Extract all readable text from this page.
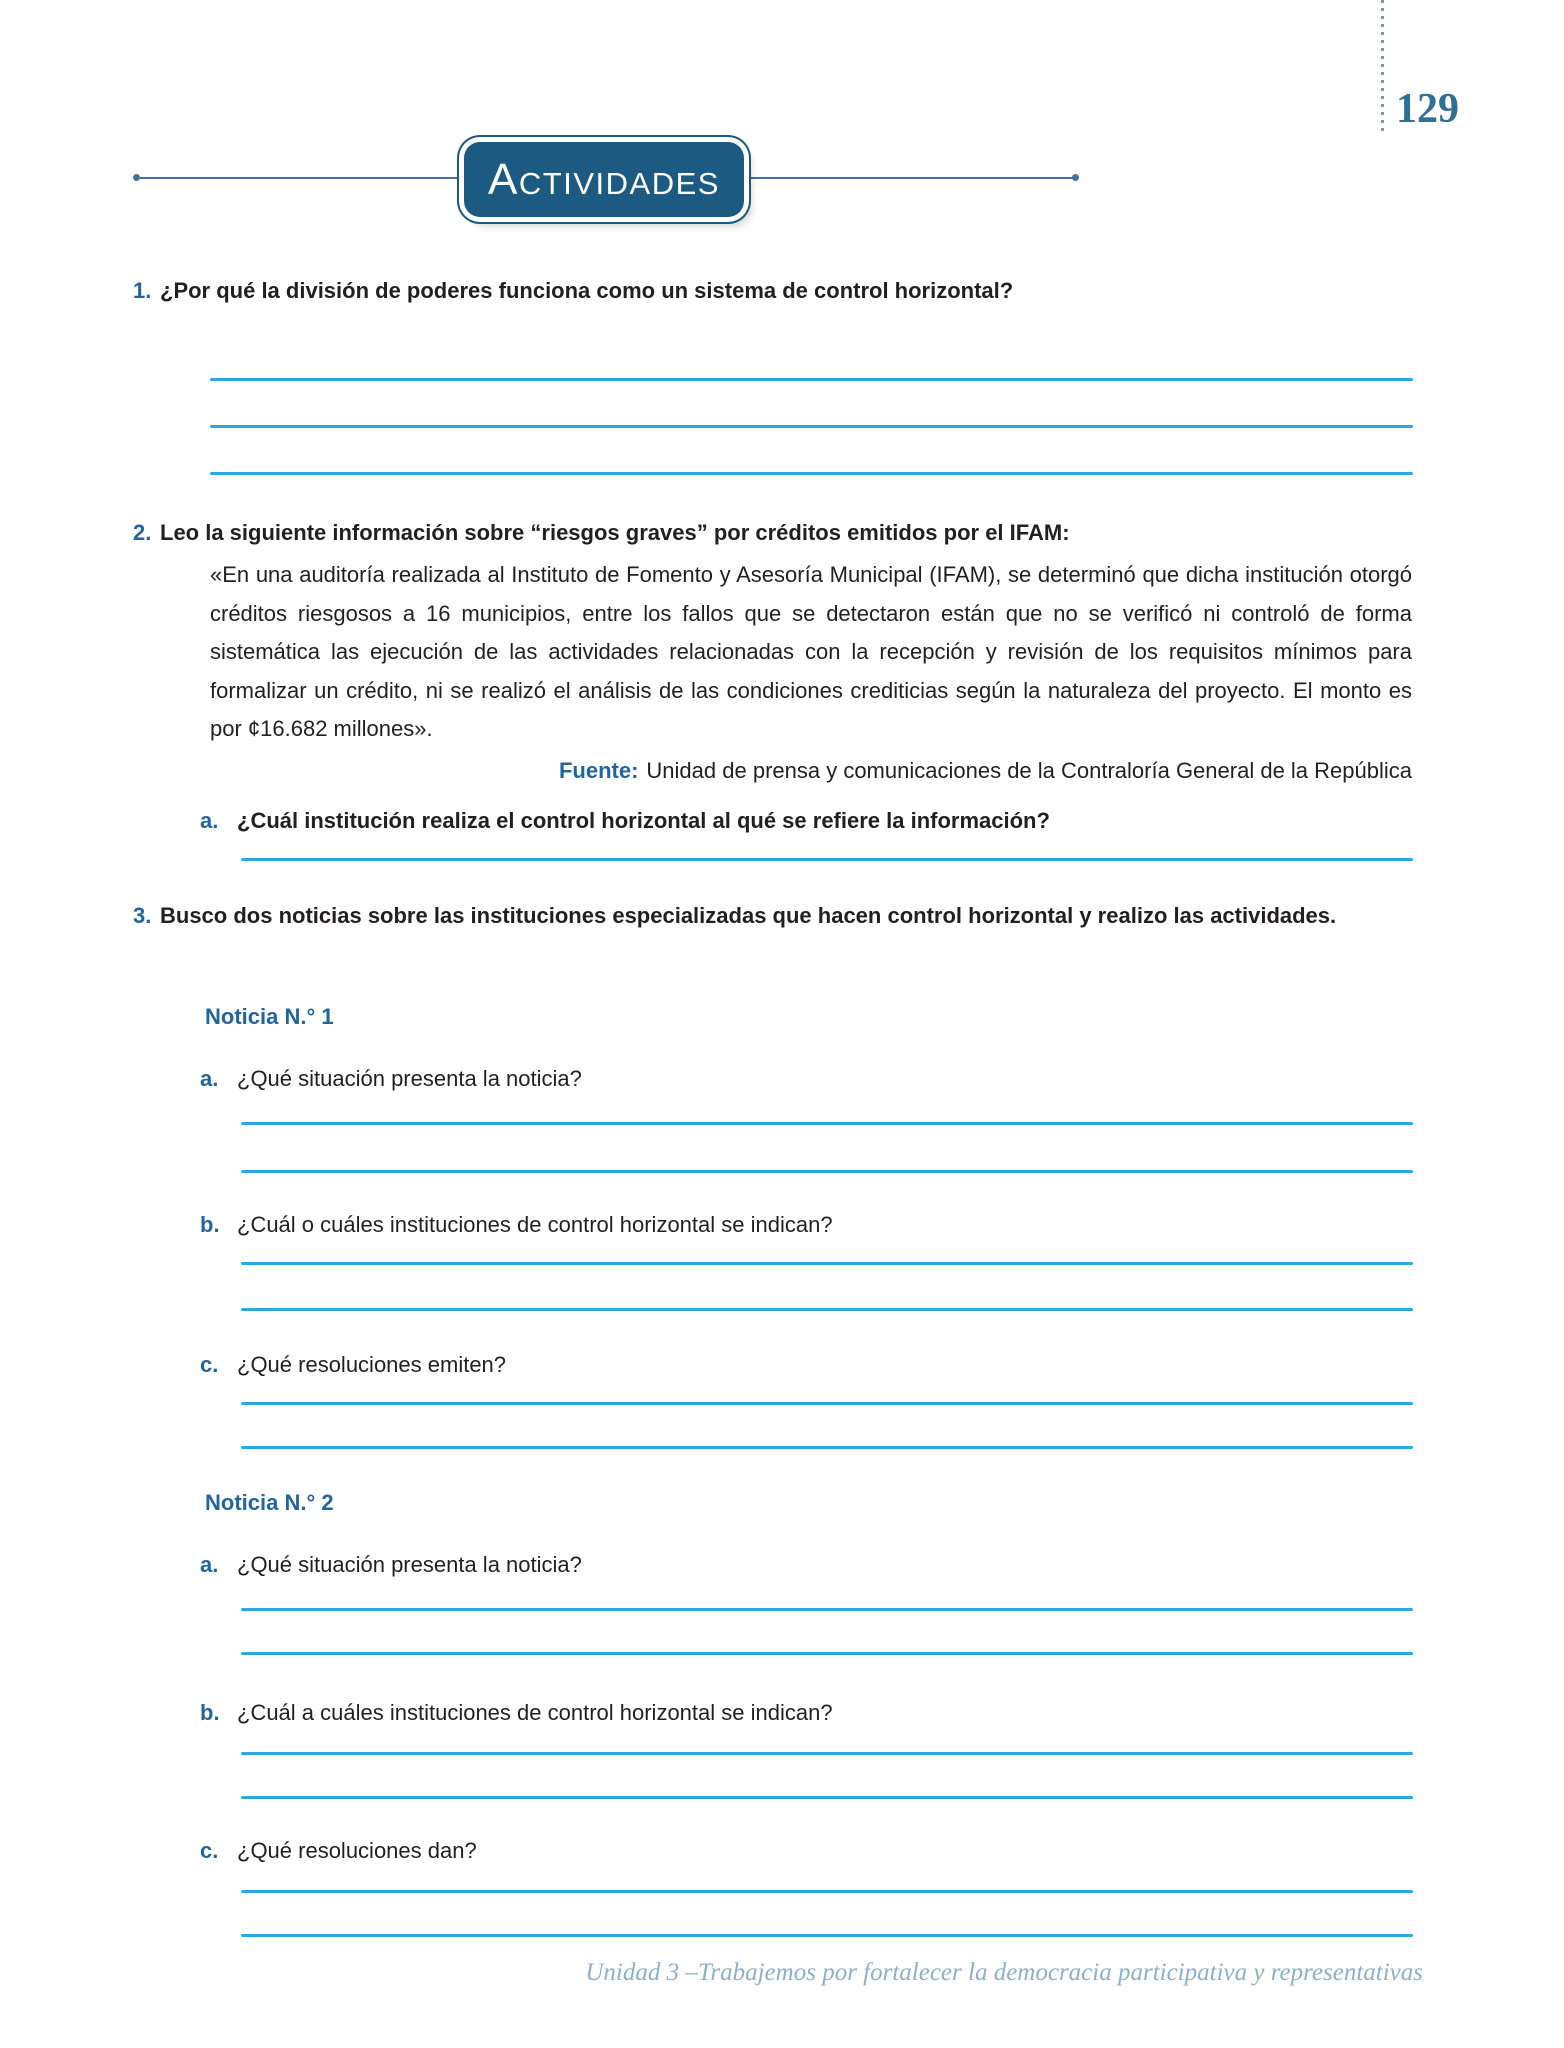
129
A CTIVIDADES
1. ¿Por qué la división de poderes funciona como un sistema de control horizontal?
2. Leo la siguiente información sobre “riesgos graves” por créditos emitidos por el IFAM:
«En una auditoría realizada al Instituto de Fomento y Asesoría Municipal (IFAM), se determinó que dicha institución otorgó créditos riesgosos a 16 municipios, entre los fallos que se detectaron están que no se verificó ni controló de forma sistemática las ejecución de las actividades relacionadas con la recepción y revisión de los requisitos mínimos para formalizar un crédito, ni se realizó el análisis de las condiciones crediticias según la naturaleza del proyecto. El monto es por ¢16.682 millones».
Fuente: Unidad de prensa y comunicaciones de la Contraloría General de la República
a. ¿Cuál institución realiza el control horizontal al qué se refiere la información?
3. Busco dos noticias sobre las instituciones especializadas que hacen control horizontal y realizo las actividades.
Noticia N.° 1
a. ¿Qué situación presenta la noticia?
b. ¿Cuál o cuáles instituciones de control horizontal se indican?
c. ¿Qué resoluciones emiten?
Noticia N.° 2
a. ¿Qué situación presenta la noticia?
b. ¿Cuál a cuáles instituciones de control horizontal se indican?
c. ¿Qué resoluciones dan?
Unidad 3 –Trabajemos por fortalecer la democracia participativa y representativas
